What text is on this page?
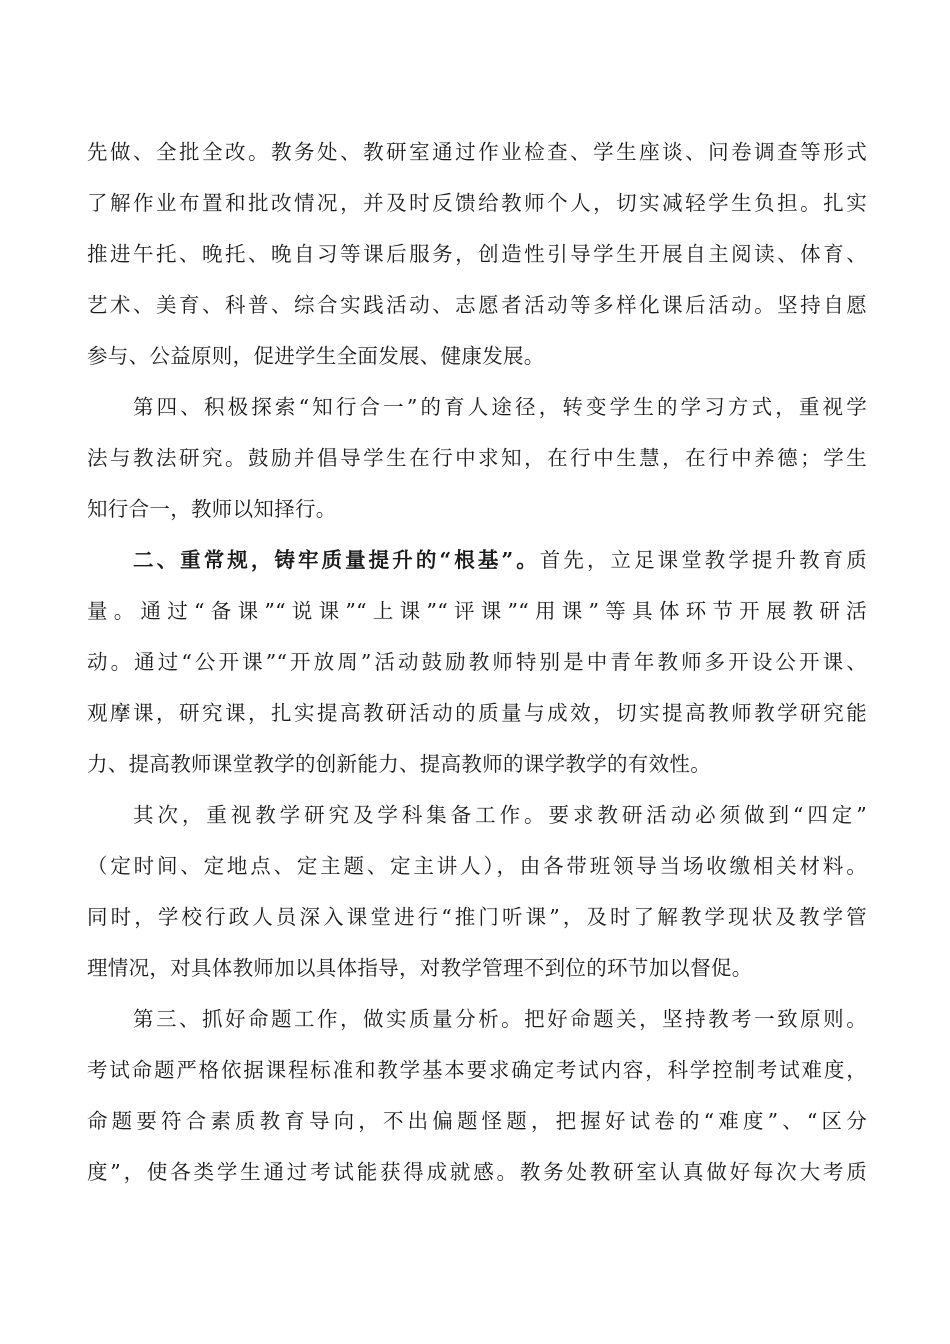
先做、全批全改。教务处、教研室通过作业检查、学生座谈、问卷调查等形式
了解作业布置和批改情况，并及时反馈给教师个人，切实减轻学生负担。扎实
推进午托、晚托、晚自习等课后服务，创造性引导学生开展自主阅读、体育、
艺术、美育、科普、综合实践活动、志愿者活动等多样化课后活动。坚持自愿
参与、公益原则，促进学生全面发展、健康发展。
第四、积极探索“知行合一”的育人途径，转变学生的学习方式，重视学
法与教法研究。鼓励并倡导学生在行中求知，在行中生慧，在行中养德；学生
知行合一，教师以知择行。
二、重常规，铸牢质量提升的“根基”。首先，立足课堂教学提升教育质
量。通过“备课”“说课”“上课”“评课”“用课”等具体环节开展教研活
动。通过“公开课”“开放周”活动鼓励教师特别是中青年教师多开设公开课、
观摩课，研究课，扎实提高教研活动的质量与成效，切实提高教师教学研究能
力、提高教师课堂教学的创新能力、提高教师的课学教学的有效性。
其次，重视教学研究及学科集备工作。要求教研活动必须做到“四定”
（定时间、定地点、定主题、定主讲人），由各带班领导当场收缴相关材料。
同时，学校行政人员深入课堂进行“推门听课”，及时了解教学现状及教学管
理情况，对具体教师加以具体指导，对教学管理不到位的环节加以督促。
第三、抓好命题工作，做实质量分析。把好命题关，坚持教考一致原则。
考试命题严格依据课程标准和教学基本要求确定考试内容，科学控制考试难度，
命题要符合素质教育导向，不出偏题怪题，把握好试卷的“难度”、“区分
度”，使各类学生通过考试能获得成就感。教务处教研室认真做好每次大考质
